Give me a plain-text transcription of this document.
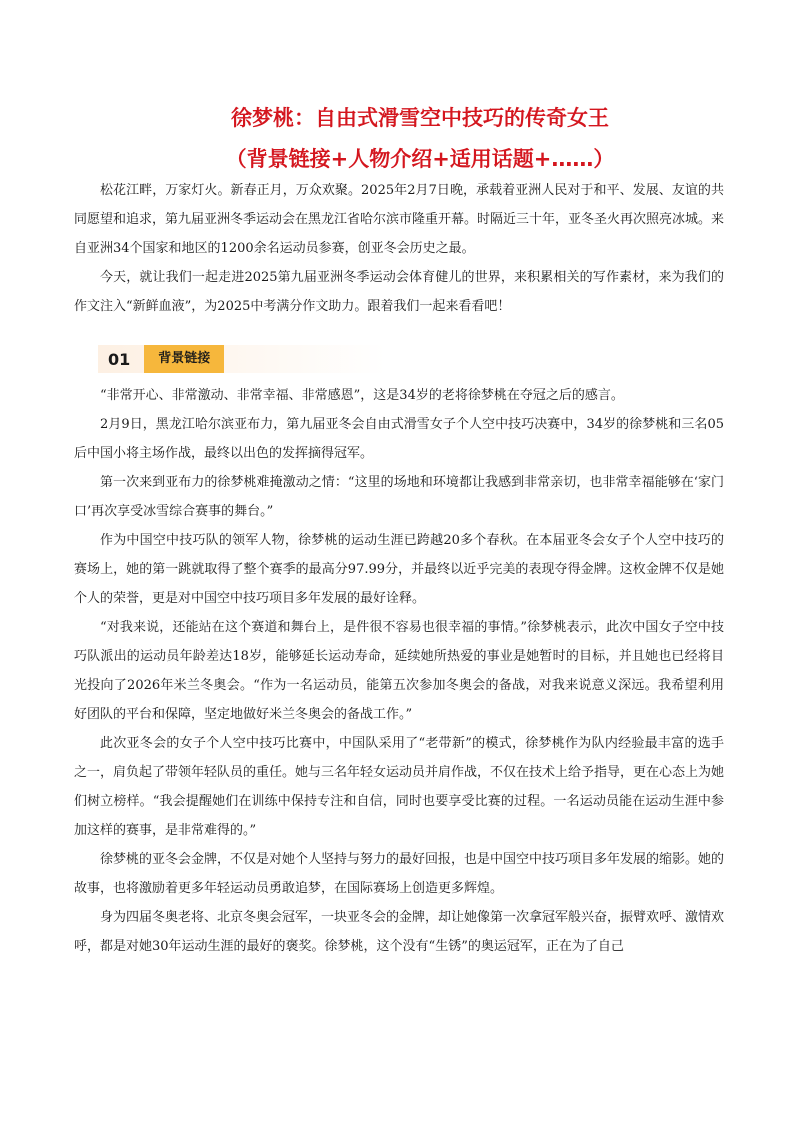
徐梦桃：自由式滑雪空中技巧的传奇女王
（背景链接+人物介绍+适用话题+……）

松花江畔，万家灯火。新春正月，万众欢聚。2025年2月7日晚，承载着亚洲人民对于和平、发展、友谊的共同愿望和追求，第九届亚洲冬季运动会在黑龙江省哈尔滨市隆重开幕。时隔近三十年，亚冬圣火再次照亮冰城。来自亚洲34个国家和地区的1200余名运动员参赛，创亚冬会历史之最。

今天，就让我们一起走进2025第九届亚洲冬季运动会体育健儿的世界，来积累相关的写作素材，来为我们的作文注入“新鲜血液”，为2025中考满分作文助力。跟着我们一起来看看吧！

01	背景链接

“非常开心、非常激动、非常幸福、非常感恩”，这是34岁的老将徐梦桃在夺冠之后的感言。

2月9日，黑龙江哈尔滨亚布力，第九届亚冬会自由式滑雪女子个人空中技巧决赛中，34岁的徐梦桃和三名05后中国小将主场作战，最终以出色的发挥摘得冠军。

第一次来到亚布力的徐梦桃难掩激动之情：“这里的场地和环境都让我感到非常亲切，也非常幸福能够在‘家门口’再次享受冰雪综合赛事的舞台。”

作为中国空中技巧队的领军人物，徐梦桃的运动生涯已跨越20多个春秋。在本届亚冬会女子个人空中技巧的赛场上，她的第一跳就取得了整个赛季的最高分97.99分，并最终以近乎完美的表现夺得金牌。这枚金牌不仅是她个人的荣誉，更是对中国空中技巧项目多年发展的最好诠释。

“对我来说，还能站在这个赛道和舞台上，是件很不容易也很幸福的事情。”徐梦桃表示，此次中国女子空中技巧队派出的运动员年龄差达18岁，能够延长运动寿命，延续她所热爱的事业是她暂时的目标，并且她也已经将目光投向了2026年米兰冬奥会。“作为一名运动员，能第五次参加冬奥会的备战，对我来说意义深远。我希望利用好团队的平台和保障，坚定地做好米兰冬奥会的备战工作。”

此次亚冬会的女子个人空中技巧比赛中，中国队采用了“老带新”的模式，徐梦桃作为队内经验最丰富的选手之一，肩负起了带领年轻队员的重任。她与三名年轻女运动员并肩作战，不仅在技术上给予指导，更在心态上为她们树立榜样。“我会提醒她们在训练中保持专注和自信，同时也要享受比赛的过程。一名运动员能在运动生涯中参加这样的赛事，是非常难得的。”

徐梦桃的亚冬会金牌，不仅是对她个人坚持与努力的最好回报，也是中国空中技巧项目多年发展的缩影。她的故事，也将激励着更多年轻运动员勇敢追梦，在国际赛场上创造更多辉煌。

身为四届冬奥老将、北京冬奥会冠军，一块亚冬会的金牌，却让她像第一次拿冠军般兴奋，振臂欢呼、激情欢呼，都是对她30年运动生涯的最好的褒奖。徐梦桃，这个没有“生锈”的奥运冠军，正在为了自己
